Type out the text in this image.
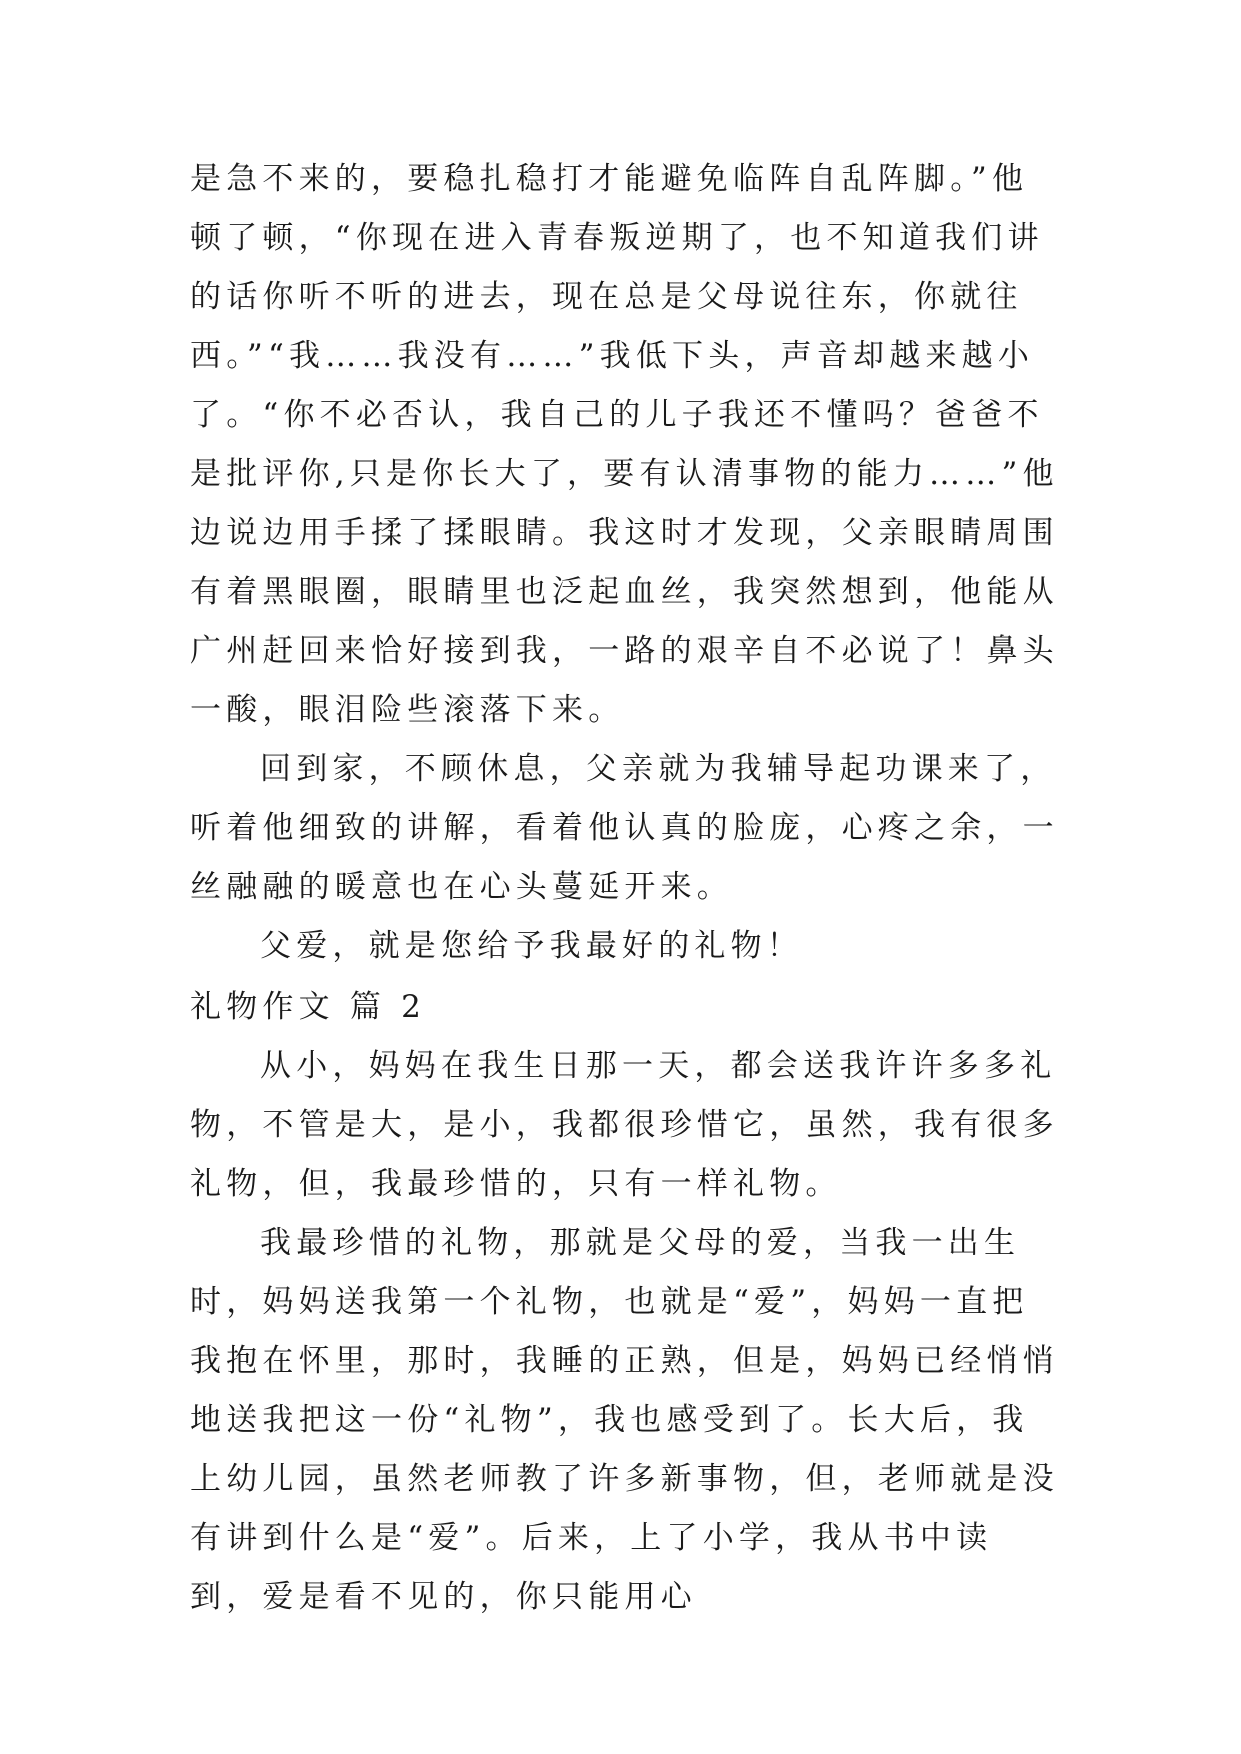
是急不来的，要稳扎稳打才能避免临阵自乱阵脚。”他顿了顿，“你现在进入青春叛逆期了，也不知道我们讲的话你听不听的进去，现在总是父母说往东，你就往西。”“我……我没有……”我低下头，声音却越来越小了。“你不必否认，我自己的儿子我还不懂吗？爸爸不是批评你,只是你长大了，要有认清事物的能力……”他边说边用手揉了揉眼睛。我这时才发现，父亲眼睛周围有着黑眼圈，眼睛里也泛起血丝，我突然想到，他能从广州赶回来恰好接到我，一路的艰辛自不必说了！鼻头一酸，眼泪险些滚落下来。

回到家，不顾休息，父亲就为我辅导起功课来了，听着他细致的讲解，看着他认真的脸庞，心疼之余，一丝融融的暖意也在心头蔓延开来。

父爱，就是您给予我最好的礼物！

礼物作文 篇 2

从小，妈妈在我生日那一天，都会送我许许多多礼物，不管是大，是小，我都很珍惜它，虽然，我有很多礼物，但，我最珍惜的，只有一样礼物。

我最珍惜的礼物，那就是父母的爱，当我一出生时，妈妈送我第一个礼物，也就是“爱”，妈妈一直把我抱在怀里，那时，我睡的正熟，但是，妈妈已经悄悄地送我把这一份“礼物”，我也感受到了。长大后，我上幼儿园，虽然老师教了许多新事物，但，老师就是没有讲到什么是“爱”。后来，上了小学，我从书中读到，爱是看不见的，你只能用心
